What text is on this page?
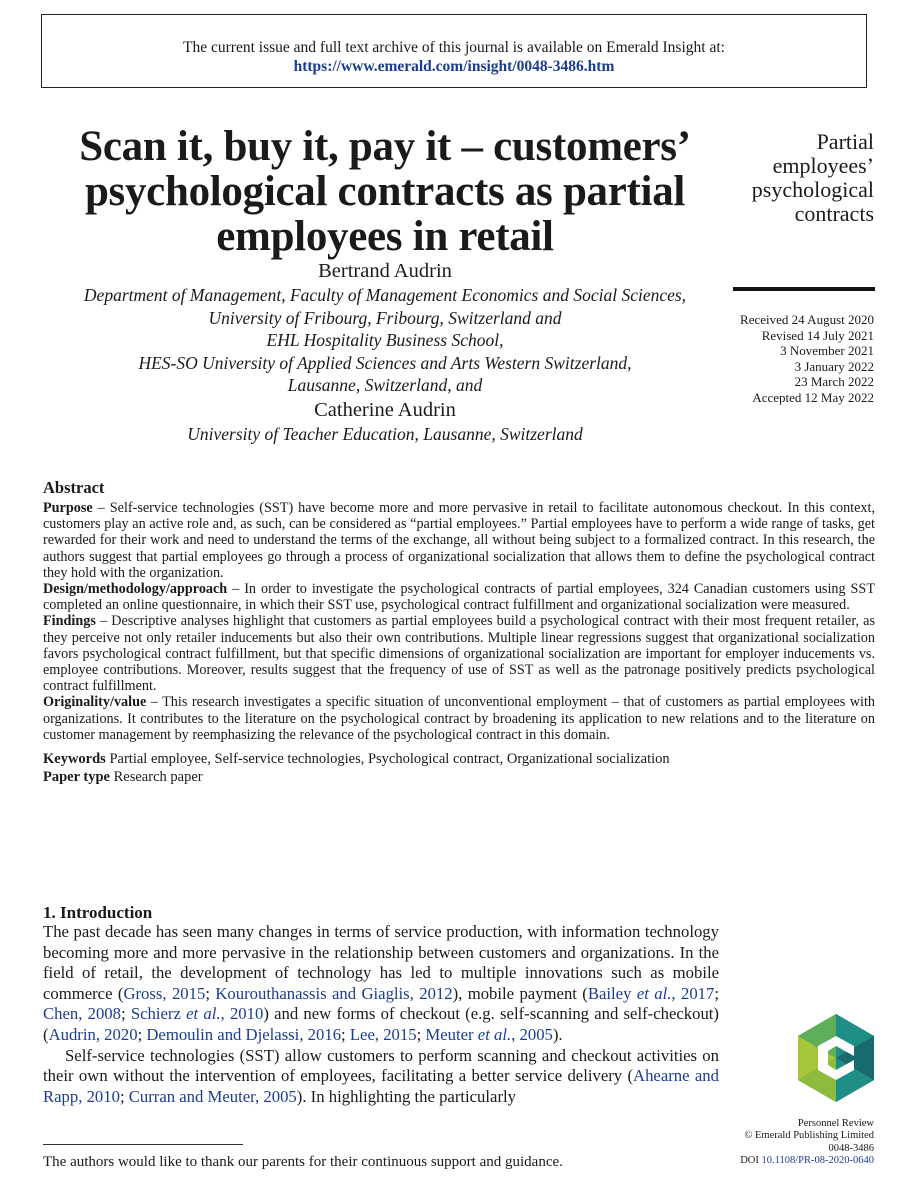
The current issue and full text archive of this journal is available on Emerald Insight at:
https://www.emerald.com/insight/0048-3486.htm
Scan it, buy it, pay it – customers’
psychological contracts as partial
employees in retail
Partial
employees’
psychological
contracts
Received 24 August 2020
Revised 14 July 2021
3 November 2021
3 January 2022
23 March 2022
Accepted 12 May 2022
Bertrand Audrin
Department of Management, Faculty of Management Economics and Social Sciences,
University of Fribourg, Fribourg, Switzerland and
EHL Hospitality Business School,
HES-SO University of Applied Sciences and Arts Western Switzerland,
Lausanne, Switzerland, and
Catherine Audrin
University of Teacher Education, Lausanne, Switzerland
Abstract

Purpose – Self-service technologies (SST) have become more and more pervasive in retail to facilitate autonomous checkout. In this context, customers play an active role and, as such, can be considered as “partial employees.” Partial employees have to perform a wide range of tasks, get rewarded for their work and need to understand the terms of the exchange, all without being subject to a formalized contract. In this research, the authors suggest that partial employees go through a process of organizational socialization that allows them to define the psychological contract they hold with the organization.

Design/methodology/approach – In order to investigate the psychological contracts of partial employees, 324 Canadian customers using SST completed an online questionnaire, in which their SST use, psychological contract fulfillment and organizational socialization were measured.

Findings – Descriptive analyses highlight that customers as partial employees build a psychological contract with their most frequent retailer, as they perceive not only retailer inducements but also their own contributions. Multiple linear regressions suggest that organizational socialization favors psychological contract fulfillment, but that specific dimensions of organizational socialization are important for employer inducements vs. employee contributions. Moreover, results suggest that the frequency of use of SST as well as the patronage positively predicts psychological contract fulfillment.

Originality/value – This research investigates a specific situation of unconventional employment – that of customers as partial employees with organizations. It contributes to the literature on the psychological contract by broadening its application to new relations and to the literature on customer management by reemphasizing the relevance of the psychological contract in this domain.

Keywords Partial employee, Self-service technologies, Psychological contract, Organizational socialization

Paper type Research paper

1. Introduction

The past decade has seen many changes in terms of service production, with information technology becoming more and more pervasive in the relationship between customers and organizations. In the field of retail, the development of technology has led to multiple innovations such as mobile commerce (Gross, 2015; Kourouthanassis and Giaglis, 2012), mobile payment (Bailey et al., 2017; Chen, 2008; Schierz et al., 2010) and new forms of checkout (e.g. self-scanning and self-checkout) (Audrin, 2020; Demoulin and Djelassi, 2016; Lee, 2015; Meuter et al., 2005).

Self-service technologies (SST) allow customers to perform scanning and checkout activities on their own without the intervention of employees, facilitating a better service delivery (Ahearne and Rapp, 2010; Curran and Meuter, 2005). In highlighting the particularly

Personnel Review
© Emerald Publishing Limited
0048-3486
DOI 10.1108/PR-08-2020-0640
The authors would like to thank our parents for their continuous support and guidance.
